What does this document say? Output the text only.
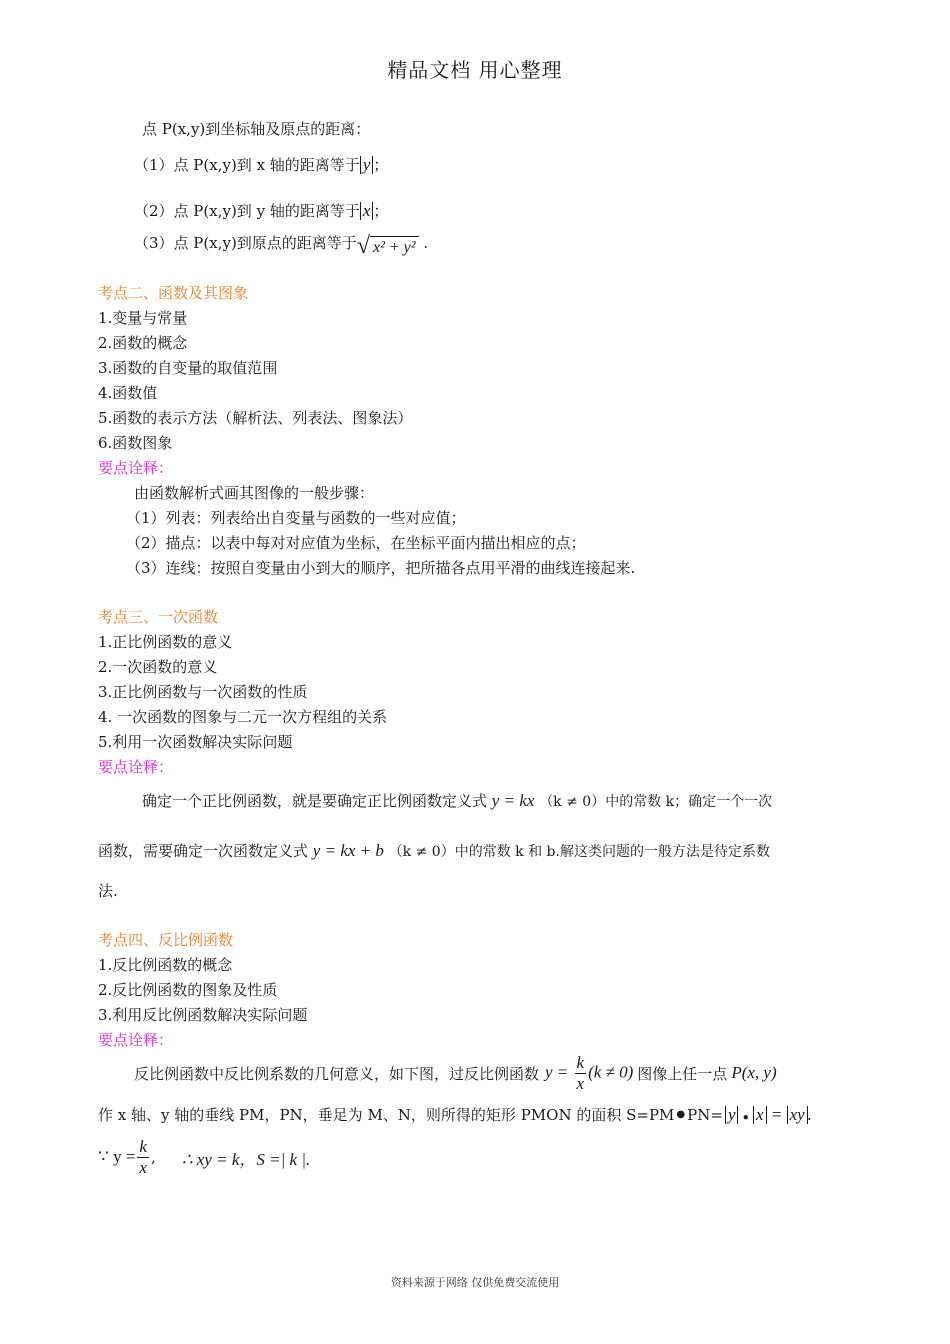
精品文档 用心整理
点 P(x,y)到坐标轴及原点的距离：
（1）点 P(x,y)到 x 轴的距离等于 y ；
（2）点 P(x,y)到 y 轴的距离等于 x ；
（3）点 P(x,y)到原点的距离等于 √ x² + y² .
考点二、函数及其图象
1.变量与常量
2.函数的概念
3.函数的自变量的取值范围
4.函数值
5.函数的表示方法（解析法、列表法、图象法）
6.函数图象
要点诠释：
由函数解析式画其图像的一般步骤：
（1）列表：列表给出自变量与函数的一些对应值；
（2）描点：以表中每对对应值为坐标，在坐标平面内描出相应的点；
（3）连线：按照自变量由小到大的顺序，把所描各点用平滑的曲线连接起来.
考点三、一次函数
1.正比例函数的意义
2.一次函数的意义
3.正比例函数与一次函数的性质
4. 一次函数的图象与二元一次方程组的关系
5.利用一次函数解决实际问题
要点诠释：
确定一个正比例函数，就是要确定正比例函数定义式 y = kx （k ≠ 0）中的常数 k；确定一个一次
函数，需要确定一次函数定义式 y = kx + b （k ≠ 0）中的常数 k 和 b.解这类问题的一般方法是待定系数
法.
考点四、反比例函数
1.反比例函数的概念
2.反比例函数的图象及性质
3.利用反比例函数解决实际问题
要点诠释：
反比例函数中反比例系数的几何意义，如下图，过反比例函数 $y = \frac{k}{x} (k \ne 0)$ 图像上任一点 P(x, y)
作 x 轴、y 轴的垂线 PM，PN，垂足为 M、N，则所得的矩形 PMON 的面积 S=PM ● PN= y ● x = xy .
∵ $y = \frac{k}{x}$ , ∴ xy = k，S =| k |.
资料来源于网络 仅供免费交流使用
